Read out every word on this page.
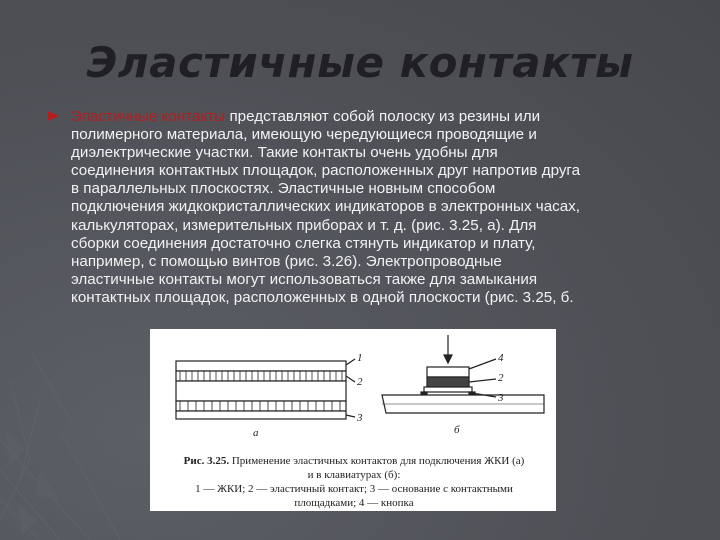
Эластичные контакты

Эластичные контакты представляют собой полоску из резины или
полимерного материала, имеющую чередующиеся проводящие и
диэлектрические участки. Такие контакты очень удобны для
соединения контактных площадок, расположенных друг напротив друга
в параллельных плоскостях. Эластичные новным способом
подключения жидкокристаллических индикаторов в электронных часах,
калькуляторах, измерительных приборах и т. д. (рис. 3.25, а). Для
сборки соединения достаточно слегка стянуть индикатор и плату,
например, с помощью винтов (рис. 3.26). Электропроводные
эластичные контакты могут использоваться также для замыкания
контактных площадок, расположенных в одной плоскости (рис. 3.25, б.

1
2
3
а
4
2
3
б
Рис. 3.25. Применение эластичных контактов для подключения ЖКИ (а)
и в клавиатурах (б):
1 — ЖКИ; 2 — эластичный контакт; 3 — основание с контактными
площадками; 4 — кнопка
